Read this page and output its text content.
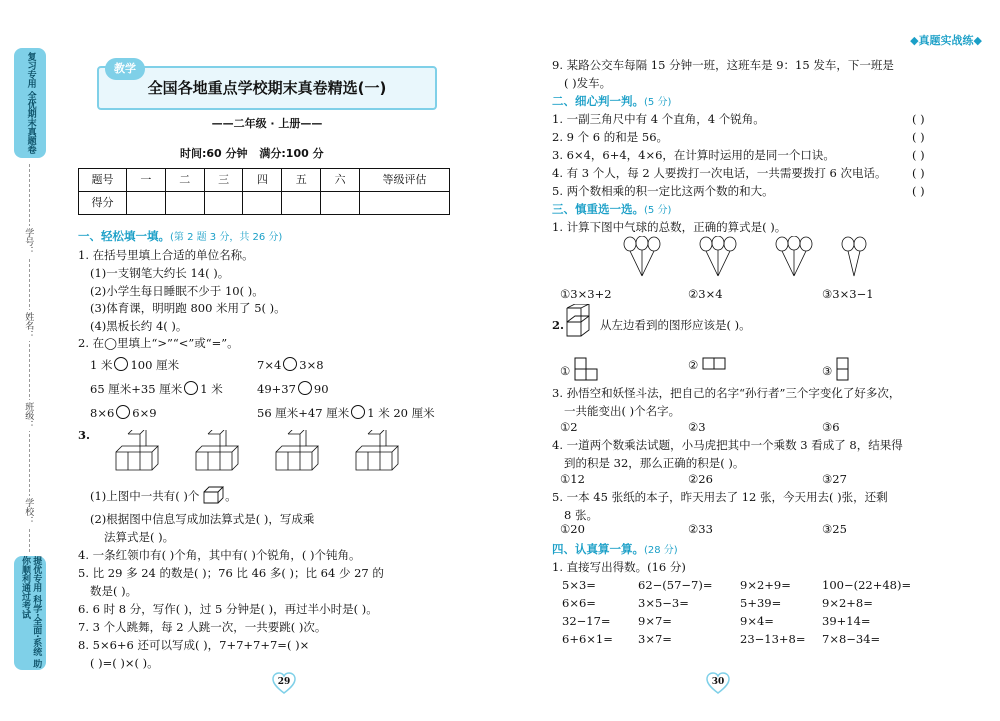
复习专用 全优期末真题卷
学号：
姓名：
班级：
学校：
提优专用 科学·全面·系统 助你顺利通过考试
全国各地重点学校期末真卷精选(一)
教学
——二年级 · 上册——
时间:60 分钟 满分:100 分
题号	一	二	三	四	五	六	等级评估
得分							
一、轻松填一填。(第 2 题 3 分，共 26 分)
1. 在括号里填上合适的单位名称。
(1)一支钢笔大约长 14( )。
(2)小学生每日睡眠不少于 10( )。
(3)体育课，明明跑 800 米用了 5( )。
(4)黑板长约 4( )。
2. 在◯里填上“>”“<”或“=”。
1 米 100 厘米	7×4 3×8
65 厘米+35 厘米 1 米	49+37 90
8×6 6×9	56 厘米+47 厘米 1 米 20 厘米
3.
(1)上图中一共有( )个 。
(2)根据图中信息写成加法算式是( )，写成乘
法算式是( )。
4. 一条红领巾有( )个角，其中有( )个锐角，( )个钝角。
5. 比 29 多 24 的数是( )；76 比 46 多( )；比 64 少 27 的
数是( )。
6. 6 时 8 分，写作( )，过 5 分钟是( )，再过半小时是( )。
7. 3 个人跳舞，每 2 人跳一次，一共要跳( )次。
8. 5×6+6 还可以写成( )，7+7+7+7=( )×
( )=( )×( )。
29
◆真题实战练◆
9. 某路公交车每隔 15 分钟一班，这班车是 9：15 发车，下一班是
( )发车。
二、细心判一判。(5 分)
1. 一副三角尺中有 4 个直角，4 个锐角。	( )
2. 9 个 6 的和是 56。	( )
3. 6×4，6+4，4×6，在计算时运用的是同一个口诀。	( )
4. 有 3 个人，每 2 人要拨打一次电话，一共需要拨打 6 次电话。 ( )
5. 两个数相乘的积一定比这两个数的和大。	( )
三、慎重选一选。(5 分)
1. 计算下图中气球的总数，正确的算式是( )。
①3×3+2	②3×4	③3×3−1
2.	从左边看到的图形应该是( )。
①	②	③
3. 孙悟空和妖怪斗法，把自己的名字“孙行者”三个字变化了好多次，
一共能变出( )个名字。
①2	②3	③6
4. 一道两个数乘法试题，小马虎把其中一个乘数 3 看成了 8，结果得
到的积是 32，那么正确的积是( )。
①12	②26	③27
5. 一本 45 张纸的本子，昨天用去了 12 张，今天用去( )张，还剩
8 张。
①20	②33	③25
四、认真算一算。(28 分)
1. 直接写出得数。(16 分)
5×3=	62−(57−7)= 9×2+9=	100−(22+48)=
6×6=	3×5−3=	5+39=	9×2+8=
32−17= 9×7=	9×4=	39+14=
6+6×1= 3×7=	23−13+8= 7×8−34=
30
